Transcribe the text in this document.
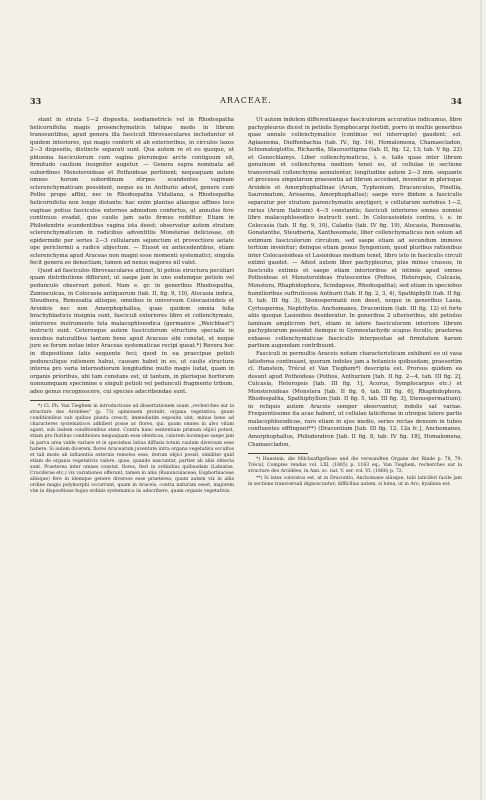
33	ARACEAE.	34

stant in strata 1—2 disposita, isodiametricis vel in Rhodospatha helicornifolia magis prosenchymaticis talique modo in librum transeuntibus, apud genera illa fasciculi fibrovasculares includuntur et quidem interiores, qui magis conferti et ab exterioribus, in circulos laxos 2—3 dispositis, distincte separati sunt. Qua autem re et eo quoque, ut phloema fasciculorum cum vagina plerumque arcte contiguum sit, firmitudo caulium insigniter augetur. — Genera supra nominata ad subordines Monsteroideae et Pothoideae pertinent; nequaquam autem omnes horum subordinum stirpes scandentes vaginam sclerenchymaticam possident, neque ea in Anthurio adest, genere cum Potho prope affini, nec in Rhodospatha Vidaliana, a Rhodospatha helicornifolia non longe distante; hac enim plantae aliaeque affines loco vaginae potius fasciculos externos admodum confertos, ut annulus fere continuus evadat, quo caulis jam satis firmus redditur. Etiam in Philodendris scandentibus vagina ista deest; observatur autem stratum sclerenchymaticum in radicibus adventitiis Monsterae deliciosae, ob epidermide per series 2—3 cellularum sejunctum et provectiore aetate ope periclermii a radice abjectum. — Eiusot ex antecedentibus, etiam sclerenchyma apud Araceas non magni esse momenti systematici; singula fecit genera eo denoctiam, tamen ad nexus majores nil valet.

Quod ad fasciculos fibrovasculares attinet, hi potius structura peculiari quam distributione differunt, ut saepe jam in uno eodemque petiolo vel pedunculo observari potest. Nam e. gr. in generibus Rhodospatha, Zamioculcas, in Colocasia antiquorum (tab. II, fig. 9, 10), Alocasia indica, Steudnera, Remusatia aliisque, omnibus in universum Colocasioideis et Aroideis nec non Amorphophallea, quae quidem omnia folia brachyblasticis insignia sunt, fasciculi exteriores libro et collenchymate, interiores instrumento tela malacophloeodica (germanice „Weichbast") instructi sunt. Ceterosque autem fasciculorum structura specialis in nexubus naturalibus tantum bene apud Araceas sibi constat, et neque jure se forum notae inter Araceas systematicae recipi queat.*) Revera hoc in dispositione latis sequente feci; quod in ea praecipue petioli pedunculique rationem habui, causam habet in eo, ut caulis structura interna pro varia internodiorum longitudine multo magis ludat, quam in organis prioribus, ubi tam constans est, ut tantum, in plerisque horforum nonnumquam specimine e singuli petioli vel pedunculi fragmento tribum, adeo genus recognoscere, cui species adscribendae sunt.

*) Cl. Ph. Van Tieghem in introductione ad dissertationem suam „recherches sur la structure des Aroïdées" (p. 73) opinionem protulit, organa vegetativa, quum conditionibus sub quibus planta crescit, immediatim exposita sint, minus bene ad characteres systematicos adhiberi posse ac flores, qui, quum omnes in alvo vitam agant, sub iisdem conditionibus stent. Contra hanc sententiam primum objici potest, etiam pro floribus conditiones nequaquam esse identicas, calorem lucemque saepe jam in parva area valde variare et in speciebus latius diffusis totum caulum diversum esse habere. Si autem dicerem, flores Aracearum juventute intra organa vegetativa occultos et tali modo ab influentiis externis remotos esse, iterum objici possit, similiter quid etiam de organis vegetativis valere, quae, quando nascuntur, partier ab aliis obtecta sunt. Praeterea inter omnes constat, flores, fieri in ordinibus quibusdam (Labiatae, Cruciferae etc.) vix variationes offerunt, tamen in aliis (Ranunculaceae, Euphorbiaceae aliisque) fere in idemque genere diversos esse praeterea; quum autem vix in aliis ordine magis polymorphi occurrunt, quam in Araceis, contra naturam esset, majorem vim in dispositione hujus ordinis systematica iis adscribere, quam organis vegetativis.

Ut autem indolem differentiasque fasciculorum accuratius indicamus, libre pachypleurus dicest in petiolis Symphocarpi foetidi, porro in multis generibus quae annulo collenchymatico (continuo vel interrupto) gaudent: sol. Aglaonema, Dieffenbachia (tab. IV., fig. 14), Homalomena, Chamaecladon, Schismatoglottis, Richardia, Stauroottigma (tab. II, fig. 12, 13; tab. V fig. 22) et Gonochlamys. Liber collenchymaticus, i. e. talis quae inter librum genuinum et collenchyma medium tenet eo, ut cellulae in sectione transversali collenchyma aemulentur, longitudine autem 2—3 mm. sequante et processu singularum praesentia ad librum accedant, invenitur in plerisque Aroideis et Amorphophallinae (Arum, Typhonium, Dracunculus, Pinellia, Sauromatum, Arisaema, Amorphophallus); saepe vero ibidem a fasciculis separatur per stratum parenchymatis amyligeri, e cellularum seriebus 1—2, rarius (Arum Italicum) 4—5 constantis; fasciculi interiores omnes nonnisi libro malacophloeodico instructi sunt. In Colocasioideis contra, i. e. in Colocasia (tab. II fig. 9, 10), Caladio (tab. IV fig. 19), Alocasia, Remusatia, Gonatanthe, Steudneria, Xanthosomate, liber collenchymaticus non solum ad extimum fasciculorum circulum, sed saepe etiam ad secundum immove tertium invenitur; deinque etiam genus Syngonium, quod pluribus rationibus inter Colocasioideas et Lasioideas medium tenet, libro isto in fasciculis circuli extimi gaudet. — Adest autem liber pachypleurus, plus minus crassus, in fasciculis extimis et saepe etiam interioribus et intimis apud omnes Pothoideas et Monsteroideas frutescentes (Pothos, Heteropsis, Culcasia, Monstera, Rhaphidophora, Scindapsus, Rhodospatha); sed etiam in speciebus humilioribus suffruticosis Anthurii (tab. II fig. 2, 3, 4), Spathiphylli (tab. II fig. 5, tab. III fig. 3), Stenospermatii non deest, neque in generibus Lasia, Cyrtosperma, Nephthytis, Anchomanes, Dracontium (tab. III fig. 12) et forte aliis quoque Lasioideis desideratur. In generibus 2 ulterioribus, ubi petiolus laminam amplicrem fert, etiam in latere fasciculorum interiore librum pachypleurum possidet itemque in Gymnostachyde scapus foculis; praeterea exhaeso collenchymaticae fasciculis interpositae ad firmitatem harum partium augendam contribuunt.

Fasciculi in permultis Araceis notam characteristicam exhibent eo ut vasa latioforea continuant, quorum indoles jam a botanicis quibusdam, praesertim cl. Hanstein, Trécul et Van Tieghem*) descripta est. Prorsus quidem ea desunt apud Pothoideas (Pothos, Anthurium [tab. II fig. 2—4, tab. III fig. 2], Culcasia, Heteropsis [tab. III fig. 1], Acorus, Symplocarpus etc.) et Monsteroideas (Monstera [tab. II fig. 6, tab. III fig. 6], Rhaphidophora, Rhodospatha, Spathiphyllum [tab. II fig. 5, tab. III fig. 3], Stenospermatium); in reliquis autem Araceis semper observantur, indolis sat variae. Frequentissime ita acae habent, ut cellulae laticiferae in utroque latere partis malacophloeodicae, raro etiam in ejus medio, series rectas densum in tubos confluentes efffingunt**) (Dracontium [tab. III fig. 12, 12a fc.], Anchomanes, Amorphophallus, Philodendron [tab. II fig. 8, tab. IV fig. 18], Homalomena, Chamaecladon,

*) Hanstein, die Milchsaftgefässe und die verwandten Organe der Rinde p. 78, 79; Trécul, Comptes rendus vol. LXI. (1865) p. 1163 eq.; Van Tieghem, recherches sur la structure des Aroïdées, in Ann. sc. nat. V. ser. vol. VI. (1866) p. 72.

**) Si latex coloratus est, ut in Dracontio, Anchomane aliisque, tubi laticiferi facile jam in sectione transversali dignoscuntur; difficilius autem, si lutea, ut in Aro, hyalinus est.
